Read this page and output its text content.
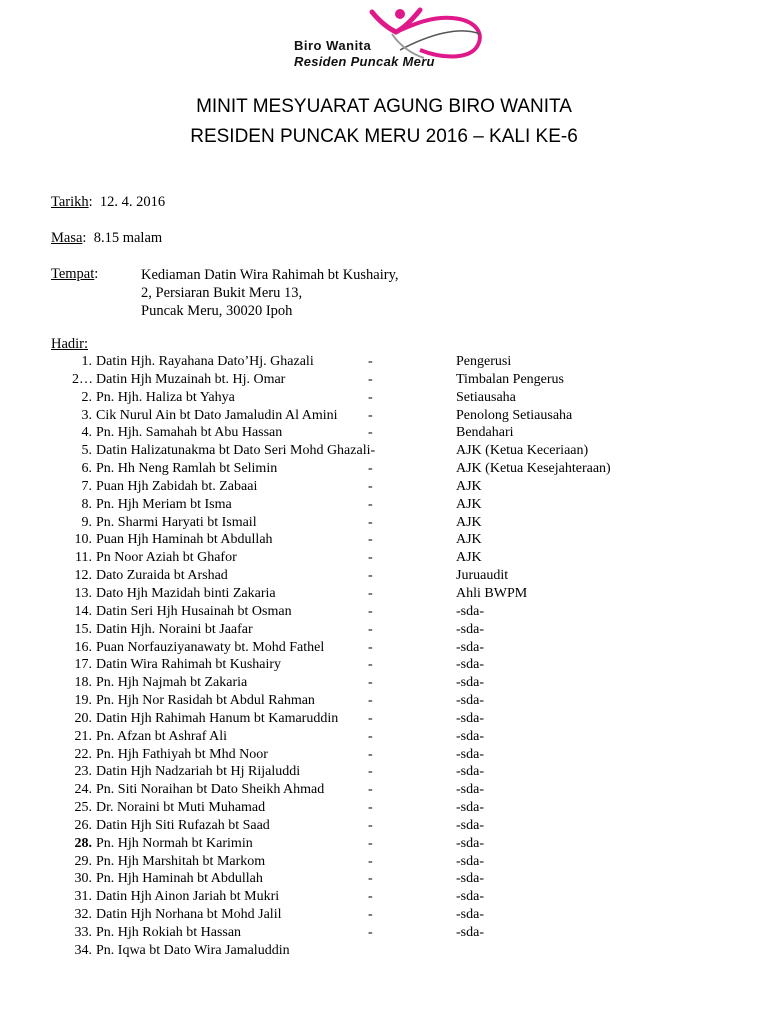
Biro Wanita
Residen Puncak Meru
MINIT MESYUARAT AGUNG BIRO WANITA
RESIDEN PUNCAK MERU 2016 – KALI KE-6
Tarikh:  12. 4. 2016
Masa:  8.15 malam
Tempat:	Kediaman Datin Wira Rahimah bt Kushairy,
2, Persiaran Bukit Meru 13,
Puncak Meru, 30020 Ipoh
Hadir:
1. Datin Hjh. Rayahana Dato’Hj. Ghazali	-	Pengerusi
2… Datin Hjh Muzainah bt. Hj. Omar	-	Timbalan Pengerus
2. Pn. Hjh. Haliza bt Yahya	-	Setiausaha
3. Cik Nurul Ain bt Dato Jamaludin Al Amini -	Penolong Setiausaha
4. Pn. Hjh. Samahah bt Abu Hassan	-	Bendahari
5. Datin Halizatunakma bt Dato Seri Mohd Ghazali-	AJK (Ketua Keceriaan)
6. Pn. Hh Neng Ramlah bt Selimin	-	AJK (Ketua Kesejahteraan)
7. Puan Hjh Zabidah bt. Zabaai	-	AJK
8. Pn. Hjh Meriam bt Isma	-	AJK
9. Pn. Sharmi Haryati bt Ismail	-	AJK
10. Puan Hjh Haminah bt Abdullah	-	AJK
11. Pn Noor Aziah bt Ghafor	-	AJK
12. Dato Zuraida bt Arshad	-	Juruaudit
13. Dato Hjh Mazidah binti Zakaria	-	Ahli BWPM
14. Datin Seri Hjh Husainah bt Osman	-	-sda-
15. Datin Hjh. Noraini bt Jaafar	-	-sda-
16. Puan Norfauziyanawaty bt. Mohd Fathel	-	-sda-
17. Datin Wira Rahimah bt Kushairy	-	-sda-
18. Pn. Hjh Najmah bt Zakaria	-	-sda-
19. Pn. Hjh Nor Rasidah bt Abdul Rahman	-	-sda-
20. Datin Hjh Rahimah Hanum bt Kamaruddin -	-sda-
21. Pn. Afzan bt Ashraf Ali	-	-sda-
22. Pn. Hjh Fathiyah bt Mhd Noor	-	-sda-
23. Datin Hjh Nadzariah bt Hj Rijaluddi	-	-sda-
24. Pn. Siti Noraihan bt Dato Sheikh Ahmad	-	-sda-
25. Dr. Noraini bt Muti Muhamad	-	-sda-
26. Datin Hjh Siti Rufazah bt Saad	-	-sda-
28. Pn. Hjh Normah bt Karimin	-	-sda-
29. Pn. Hjh Marshitah bt Markom	-	-sda-
30. Pn. Hjh Haminah bt Abdullah	-	-sda-
31. Datin Hjh Ainon Jariah bt Mukri	-	-sda-
32. Datin Hjh Norhana bt Mohd Jalil	-	-sda-
33. Pn. Hjh Rokiah bt Hassan	-	-sda-
34. Pn. Iqwa bt Dato Wira Jamaluddin
